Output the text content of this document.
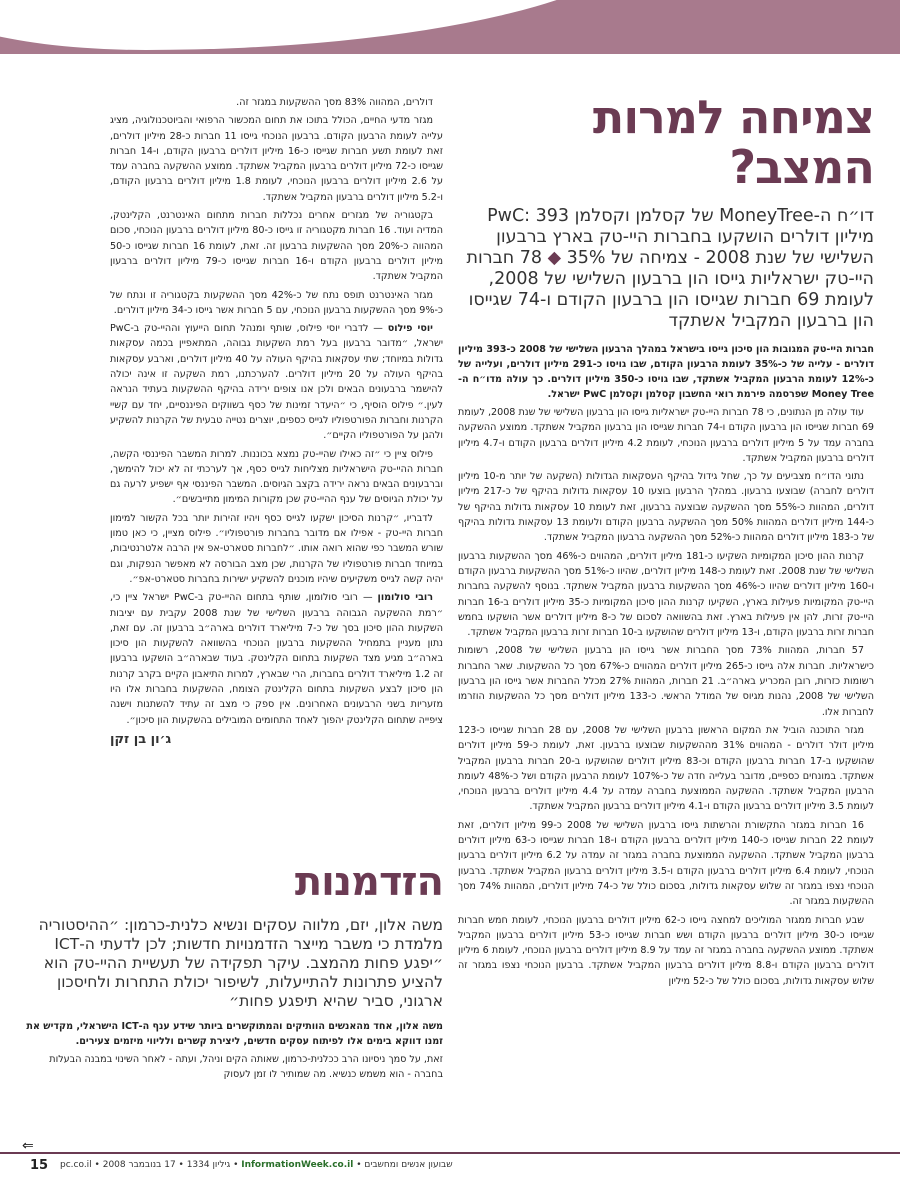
צמיחה למרות המצב?
דו״ח ה-MoneyTree של קסלמן וקסלמן PwC: 393 מיליון דולרים הושקעו בחברות היי-טק בארץ ברבעון השלישי של שנת 2008 - צמיחה של 35% ◆ 78 חברות היי-טק ישראליות גייסו הון ברבעון השלישי של 2008, לעומת 69 חברות שגייסו הון ברבעון הקודם ו-74 שגייסו הון ברבעון המקביל אשתקד

חברות היי-טק המגובות הון סיכון גייסו בישראל במהלך הרבעון השלישי של 2008 כ-393 מיליון דולרים - עלייה של כ-35% לעומת הרבעון הקודם, שבו גויסו כ-291 מיליון דולרים, ועלייה של כ-12% לעומת הרבעון המקביל אשתקד, שבו גויסו כ-350 מיליון דולרים. כך עולה מדו״ח ה-Money Tree שפרסמה פירמת רואי החשבון קסלמן וקסלמן PwC ישראל.

עוד עולה מן הנתונים, כי 78 חברות היי-טק ישראליות גייסו הון ברבעון השלישי של שנת 2008, לעומת 69 חברות שגייסו הון ברבעון הקודם ו-74 חברות שגייסו הון ברבעון המקביל אשתקד. ממוצע ההשקעה בחברה עמד על 5 מיליון דולרים ברבעון הנוכחי, לעומת 4.2 מיליון דולרים ברבעון הקודם ו-4.7 מיליון דולרים ברבעון המקביל אשתקד.

נתוני הדו״ח מצביעים על כך, שחל גידול בהיקף העסקאות הגדולות (השקעה של יותר מ-10 מיליון דולרים לחברה) שבוצעו ברבעון. במהלך הרבעון בוצעו 10 עסקאות גדולות בהיקף של כ-217 מיליון דולרים, המהוות כ-55% מסך ההשקעה שבוצעה ברבעון, זאת לעומת 10 עסקאות גדולות בהיקף של כ-144 מיליון דולרים המהוות 50% מסך ההשקעה ברבעון הקודם ולעומת 13 עסקאות גדולות בהיקף של כ-183 מיליון דולרים המהוות כ-52% מסך ההשקעה ברבעון המקביל אשתקד.

קרנות ההון סיכון המקומיות השקיעו כ-181 מיליון דולרים, המהווים כ-46% מסך ההשקעות ברבעון השלישי של שנת 2008. זאת לעומת כ-148 מיליון דולרים, שהיוו כ-51% מסך ההשקעות ברבעון הקודם ו-160 מיליון דולרים שהיוו כ-46% מסך ההשקעות ברבעון המקביל אשתקד. בנוסף להשקעה בחברות היי-טק המקומיות פעילות בארץ, השקיעו קרנות ההון סיכון המקומיות כ-35 מיליון דולרים ב-16 חברות היי-טק זרות, להן אין פעילות בארץ. זאת בהשוואה לסכום של כ-8 מיליון דולרים אשר הושקעו בחמש חברות זרות ברבעון הקודם, ו-13 מיליון דולרים שהושקעו ב-10 חברות זרות ברבעון המקביל אשתקד.

57 חברות, המהוות 73% מסך החברות אשר גייסו הון ברבעון השלישי של 2008, רשומות כישראליות. חברות אלה גייסו כ-265 מיליון דולרים המהווים כ-67% מסך כל ההשקעות. שאר החברות רשומות כזרות, רובן המכריע בארה״ב. 21 חברות, המהוות 27% מכלל החברות אשר גייסו הון ברבעון השלישי של 2008, נהנות מגיוס של המודל הראשי. כ-133 מיליון דולרים מסך כל ההשקעות הוזרמו לחברות אלו.

מגזר התוכנה הוביל את המקום הראשון ברבעון השלישי של 2008, עם 28 חברות שגייסו כ-123 מיליון דולר דולרים - המהווים 31% מההשקעות שבוצעו ברבעון. זאת, לעומת כ-59 מיליון דולרים שהושקעו ב-17 חברות ברבעון הקודם וכ-83 מיליון דולרים שהושקעו ב-20 חברות ברבעון המקביל אשתקד. במונחים כספיים, מדובר בעלייה חדה של כ-107% לעומת הרבעון הקודם ושל כ-48% לעומת הרבעון המקביל אשתקד. ההשקעה הממוצעת בחברה עמדה על 4.4 מיליון דולרים ברבעון הנוכחי, לעומת 3.5 מיליון דולרים ברבעון הקודם ו-4.1 מיליון דולרים ברבעון המקביל אשתקד.

16 חברות במגזר התקשורת והרשתות גייסו ברבעון השלישי של 2008 כ-99 מיליון דולרים, זאת לעומת 22 חברות שגייסו כ-140 מיליון דולרים ברבעון הקודם ו-18 חברות שגייסו כ-63 מיליון דולרים ברבעון המקביל אשתקד. ההשקעה הממוצעת בחברה במגזר זה עמדה על 6.2 מיליון דולרים ברבעון הנוכחי, לעומת 6.4 מיליון דולרים ברבעון הקודם ו-3.5 מיליון דולרים ברבעון המקביל אשתקד. ברבעון הנוכחי נצפו במגזר זה שלוש עסקאות גדולות, בסכום כולל של כ-74 מיליון דולרים, המהוות 74% מסך ההשקעות במגזר זה.

שבע חברות ממגזר המוליכים למחצה גייסו כ-62 מיליון דולרים ברבעון הנוכחי, לעומת חמש חברות שגייסו כ-30 מיליון דולרים ברבעון הקודם ושש חברות שגייסו כ-53 מיליון דולרים ברבעון המקביל אשתקד. ממוצע ההשקעה בחברה במגזר זה עמד על 8.9 מיליון דולרים ברבעון הנוכחי, לעומת 6 מיליון דולרים ברבעון הקודם ו-8.8 מיליון דולרים ברבעון המקביל אשתקד. ברבעון הנוכחי נצפו במגזר זה שלוש עסקאות גדולות, בסכום כולל של כ-52 מיליון

דולרים, המהווה 83% מסך ההשקעות במגזר זה.

מגזר מדעי החיים, הכולל בתוכו את תחום המכשור הרפואי והביוטכנולוגיה, מציג עלייה לעומת הרבעון הקודם. ברבעון הנוכחי גייסו 11 חברות כ-28 מיליון דולרים, זאת לעומת תשע חברות שגייסו כ-16 מיליון דולרים ברבעון הקודם, ו-14 חברות שגייסו כ-72 מיליון דולרים ברבעון המקביל אשתקד. ממוצע ההשקעה בחברה עמד על 2.6 מיליון דולרים ברבעון הנוכחי, לעומת 1.8 מיליון דולרים ברבעון הקודם, ו-5.2 מיליון דולרים ברבעון המקביל אשתקד.

בקטגוריה של מגזרים אחרים נכללות חברות מתחום האינטרנט, הקלינטק, המדיה ועוד. 16 חברות מקטגוריה זו גייסו כ-80 מיליון דולרים ברבעון הנוכחי, סכום המהווה כ-20% מסך ההשקעות ברבעון זה. זאת, לעומת 16 חברות שגייסו כ-50 מיליון דולרים ברבעון הקודם ו-16 חברות שגייסו כ-79 מיליון דולרים ברבעון המקביל אשתקד.

מגזר האינטרנט תופס נתח של כ-42% מסך ההשקעות בקטגוריה זו ונתח של כ-9% מסך ההשקעות ברבעון הנוכחי, עם 5 חברות אשר גייסו כ-34 מיליון דולרים.

יוסי פילוס — לדברי יוסי פילוס, שותף ומנהל תחום הייעוץ וההיי-טק ב-PwC ישראל, ״מדובר ברבעון בעל רמת השקעות גבוהה, המתאפיין בכמה עסקאות גדולות במיוחד; שתי עסקאות בהיקף העולה על 40 מיליון דולרים, וארבע עסקאות בהיקף העולה על 20 מיליון דולרים. להערכתנו, רמת השקעה זו אינה יכולה להישמר ברבעונים הבאים ולכן אנו צופים ירידה בהיקף ההשקעות בעתיד הנראה לעין.״ פילוס הוסיף, כי ״היעדר זמינות של כסף בשווקים הפיננסיים, יחד עם קשיי הקרנות וחברות הפורטפוליו לגייס כספים, יוצרים נטייה טבעית של הקרנות להשקיע ולהגן על הפורטפוליו הקיים״.

פילוס ציין כי ״זה כאילו שהיי-טק נמצא בכוננות. למרות המשבר הפיננסי הקשה, חברות ההיי-טק הישראליות מצליחות לגייס כסף, אך לערכתי זה לא יכול להימשך, וברבעונים הבאים נראה ירידה בקצב הגיוסים. המשבר הפיננסי אף ישפיע לרעה גם על יכולת הגיוסים של ענף ההיי-טק שכן מקורות המימון מתייבשים״.

לדבריו, ״קרנות הסיכון ישקעו לגייס כסף ויהיו זהירות יותר בכל הקשור למימון חברות היי-טק - אפילו אם מדובר בחברות פורטפוליו״. פילוס מציין, כי כאן טמון שורש המשבר כפי שהוא רואה אותו. ״לחברות סטארט-אפ אין הרבה אלטרנטיבות, במיוחד חברות פורטפוליו של הקרנות, שכן מצב הבורסה לא מאפשר הנפקות, וגם יהיה קשה לגייס משקיעים שיהיו מוכנים להשקיע ישירות בחברות סטארט-אפ״.

רובי סולומון — רובי סולומון, שותף בתחום ההיי-טק ב-PwC ישראל ציין כי, ״רמת ההשקעה הגבוהה ברבעון השלישי של שנת 2008 עקבית עם יציבות השקעות ההון סיכון בסך של כ-7 מיליארד דולרים בארה״ב ברבעון זה. עם זאת, נתון מעניין בתמחיל ההשקעות ברבעון הנוכחי בהשוואה להשקעות הון סיכון בארה״ב מגיע מצד השקעות בתחום הקלינטק. בעוד שבארה״ב הושקעו ברבעון זה 1.2 מיליארד דולרים בחברות, הרי שבארץ, למרות התיאבון הקיים בקרב קרנות הון סיכון לבצע השקעות בתחום הקלינטק הצומח, ההשקעות בחברות אלו היו מזעריות בשני הרבעונים האחרונים. אין ספק כי מצב זה עתיד להשתנות וישנה ציפייה שתחום הקלינטק יהפוך לאחד התחומים המובילים בהשקעות הון סיכון״.

ג׳ון בן זקן
הזדמנות
משה אלון, יזם, מלווה עסקים ונשיא כלנית-כרמון: ״ההיסטוריה מלמדת כי משבר מייצר הזדמנויות חדשות; לכן לדעתי ה-ICT ״יפגע פחות מהמצב. עיקר תפקידה של תעשיית ההיי-טק הוא להציע פתרונות להתייעלות, לשיפור יכולת התחרות ולחיסכון ארגוני, סביר שהיא תיפגע פחות״
משה אלון, אחד מהאנשים הוותיקים והמתוקשרים ביותר שידע ענף ה-ICT הישראלי, מקדיש את זמנו דווקא בימים אלו לפיתוח עסקים חדשים, ליצירת קשרים ולליווי מיזמים צעירים.
זאת, על סמך ניסיונו הרב ככלנית-כרמון, שאותה הקים וניהל, ועתה - לאחר השינוי במבנה הבעלות בחברה - הוא משמש כנשיא. מה שמותיר לו זמן לעסוק
⇐
15	שבועון אנשים ומחשבים • InformationWeek.co.il • גיליון 1334 • 17 בנובמבר 2008 • pc.co.il
